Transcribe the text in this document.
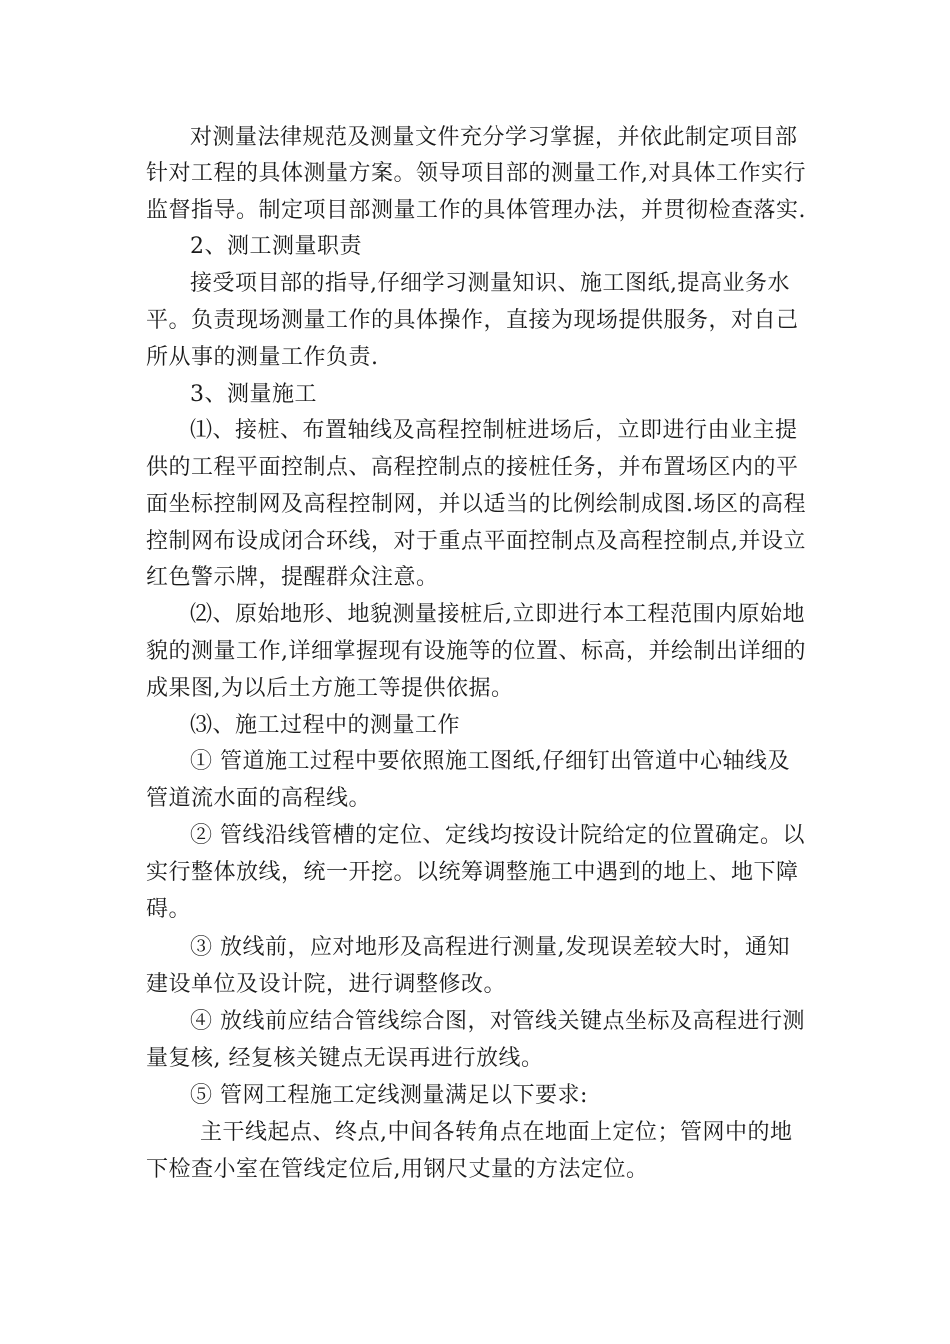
对测量法律规范及测量文件充分学习掌握，并依此制定项目部
针对工程的具体测量方案。领导项目部的测量工作,对具体工作实行
监督指导。制定项目部测量工作的具体管理办法，并贯彻检查落实.
2、测工测量职责
接受项目部的指导,仔细学习测量知识、施工图纸,提高业务水
平。负责现场测量工作的具体操作，直接为现场提供服务，对自己
所从事的测量工作负责.
3、测量施工
⑴、接桩、布置轴线及高程控制桩进场后，立即进行由业主提
供的工程平面控制点、高程控制点的接桩任务，并布置场区内的平
面坐标控制网及高程控制网，并以适当的比例绘制成图.场区的高程
控制网布设成闭合环线，对于重点平面控制点及高程控制点,并设立
红色警示牌，提醒群众注意。
⑵、原始地形、地貌测量接桩后,立即进行本工程范围内原始地
貌的测量工作,详细掌握现有设施等的位置、标高，并绘制出详细的
成果图,为以后土方施工等提供依据。
⑶、施工过程中的测量工作
① 管道施工过程中要依照施工图纸,仔细钉出管道中心轴线及
管道流水面的高程线。
② 管线沿线管槽的定位、定线均按设计院给定的位置确定。以
实行整体放线，统一开挖。以统筹调整施工中遇到的地上、地下障
碍。
③ 放线前，应对地形及高程进行测量,发现误差较大时，通知
建设单位及设计院，进行调整修改。
④ 放线前应结合管线综合图，对管线关键点坐标及高程进行测
量复核, 经复核关键点无误再进行放线。
⑤ 管网工程施工定线测量满足以下要求:
主干线起点、终点,中间各转角点在地面上定位；管网中的地
下检查小室在管线定位后,用钢尺丈量的方法定位。
